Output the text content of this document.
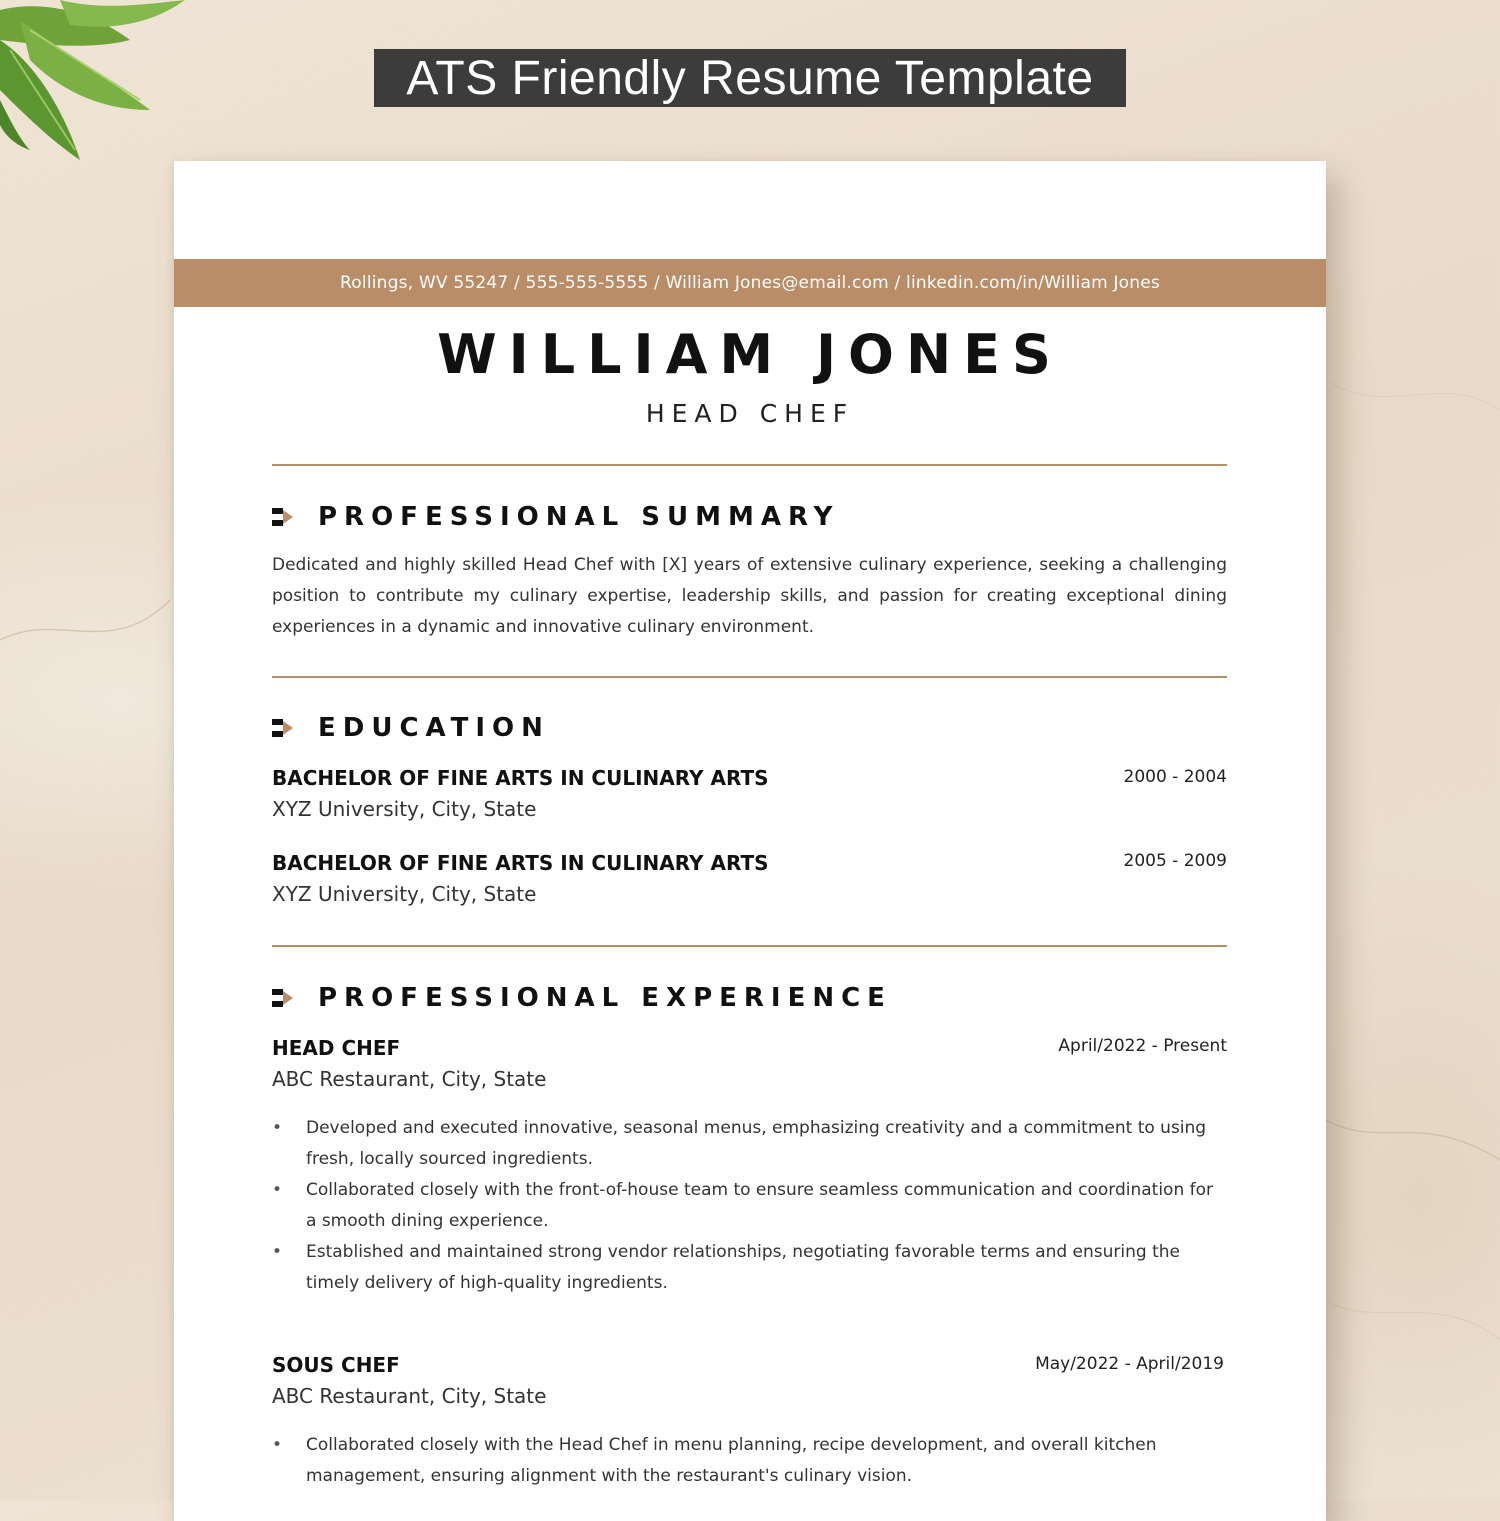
ATS Friendly Resume Template
Rollings, WV 55247 / 555-555-5555 / William Jones@email.com / linkedin.com/in/William Jones
WILLIAM JONES
HEAD CHEF
PROFESSIONAL SUMMARY
Dedicated and highly skilled Head Chef with [X] years of extensive culinary experience, seeking a challenging position to contribute my culinary expertise, leadership skills, and passion for creating exceptional dining experiences in a dynamic and innovative culinary environment.
EDUCATION
BACHELOR OF FINE ARTS IN CULINARY ARTS	2000 - 2004
XYZ University, City, State
BACHELOR OF FINE ARTS IN CULINARY ARTS	2005 - 2009
XYZ University, City, State
PROFESSIONAL EXPERIENCE
HEAD CHEF	April/2022 - Present
ABC Restaurant, City, State
• Developed and executed innovative, seasonal menus, emphasizing creativity and a commitment to using fresh, locally sourced ingredients.
• Collaborated closely with the front-of-house team to ensure seamless communication and coordination for a smooth dining experience.
• Established and maintained strong vendor relationships, negotiating favorable terms and ensuring the timely delivery of high-quality ingredients.
SOUS CHEF	May/2022 - April/2019
ABC Restaurant, City, State
• Collaborated closely with the Head Chef in menu planning, recipe development, and overall kitchen management, ensuring alignment with the restaurant's culinary vision.
